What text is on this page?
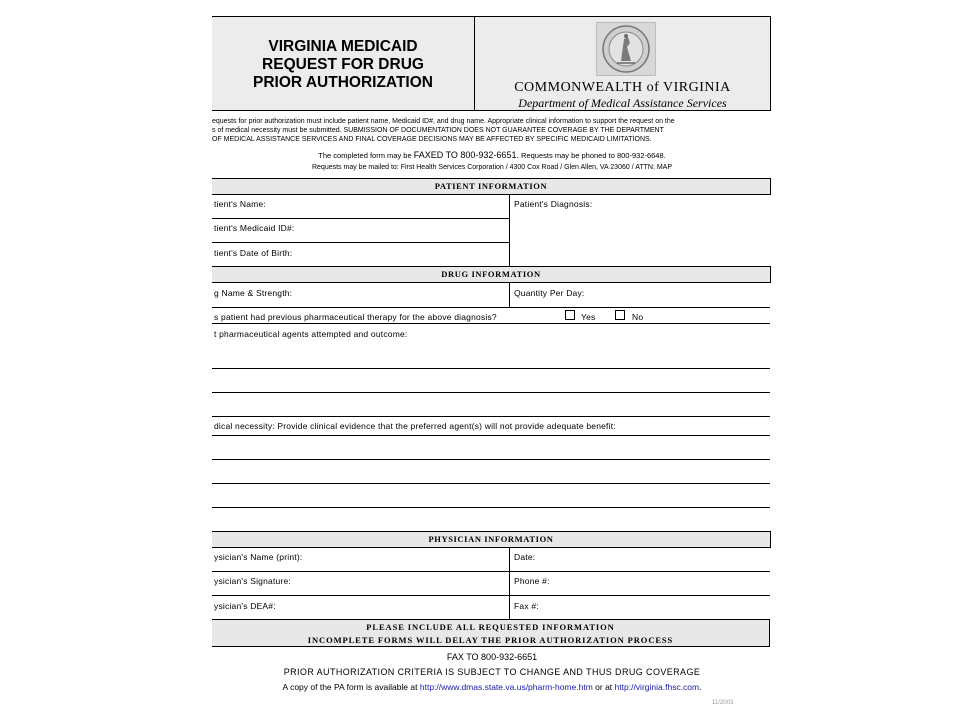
VIRGINIA MEDICAID
REQUEST FOR DRUG
PRIOR AUTHORIZATION	COMMONWEALTH of VIRGINIA
Department of Medical Assistance Services
equests for prior authorization must include patient name, Medicaid ID#, and drug name. Appropriate clinical information to support the request on the
s of medical necessity must be submitted. SUBMISSION OF DOCUMENTATION DOES NOT GUARANTEE COVERAGE BY THE DEPARTMENT
OF MEDICAL ASSISTANCE SERVICES AND FINAL COVERAGE DECISIONS MAY BE AFFECTED BY SPECIFIC MEDICAID LIMITATIONS.
The completed form may be FAXED TO 800-932-6651. Requests may be phoned to 800-932-6648.
Requests may be mailed to: First Health Services Corporation / 4300 Cox Road / Glen Allen, VA 23060 / ATTN: MAP
PATIENT INFORMATION
tient's Name:	Patient's Diagnosis:
tient's Medicaid ID#:
tient's Date of Birth:
DRUG INFORMATION
g Name & Strength:	Quantity Per Day:
s patient had previous pharmaceutical therapy for the above diagnosis?	Yes	No
t pharmaceutical agents attempted and outcome:
dical necessity: Provide clinical evidence that the preferred agent(s) will not provide adequate benefit:
PHYSICIAN INFORMATION
ysician's Name (print):	Date:
ysician's Signature:	Phone #:
ysician's DEA#:	Fax #:
PLEASE INCLUDE ALL REQUESTED INFORMATION
INCOMPLETE FORMS WILL DELAY THE PRIOR AUTHORIZATION PROCESS
FAX TO 800-932-6651
PRIOR AUTHORIZATION CRITERIA IS SUBJECT TO CHANGE AND THUS DRUG COVERAGE
A copy of the PA form is available at http://www.dmas.state.va.us/pharm-home.htm or at http://virginia.fhsc.com.
11/2003
